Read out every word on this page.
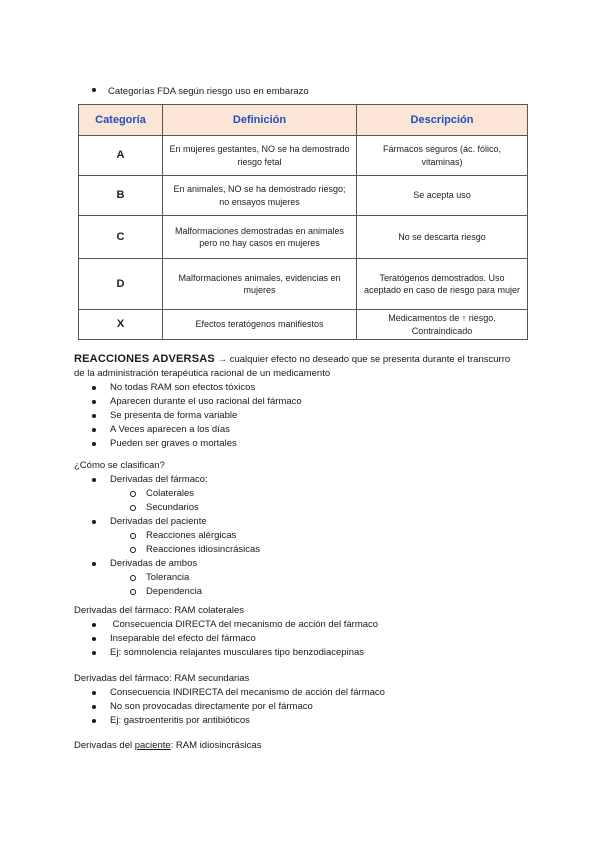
Categorías FDA según riesgo uso en embarazo
Categoría	Definición	Descripción
A	En mujeres gestantes, NO se ha demostrado riesgo fetal	Fármacos seguros (ác. fólico, vitaminas)
B	En animales, NO se ha demostrado riesgo; no ensayos mujeres	Se acepta uso
C	Malformaciones demostradas en animales pero no hay casos en mujeres	No se descarta riesgo
D	Malformaciones animales, evidencias en mujeres	Teratógenos demostrados. Uso aceptado en caso de riesgo para mujer
X	Efectos teratógenos manifiestos	Medicamentos de ↑ riesgo. Contraindicado
REACCIONES ADVERSAS → cualquier efecto no deseado que se presenta durante el transcurro
de la administración terapéutica racional de un medicamento
No todas RAM son efectos tóxicos
Aparecen durante el uso racional del fármaco
Se presenta de forma variable
A Veces aparecen a los días
Pueden ser graves o mortales
¿Cómo se clasifican?
Derivadas del fármaco:
Colaterales
Secundarios
Derivadas del paciente
Reacciones alérgicas
Reacciones idiosincrásicas
Derivadas de ambos
Tolerancia
Dependencia
Derivadas del fármaco: RAM colaterales
Consecuencia DIRECTA del mecanismo de acción del fármaco
Inseparable del efecto del fármaco
Ej: somnolencia relajantes musculares tipo benzodiacepinas
Derivadas del fármaco: RAM secundarias
Consecuencia INDIRECTA del mecanismo de acción del fármaco
No son provocadas directamente por el fármaco
Ej: gastroenteritis por antibióticos
Derivadas del paciente: RAM idiosincrásicas
